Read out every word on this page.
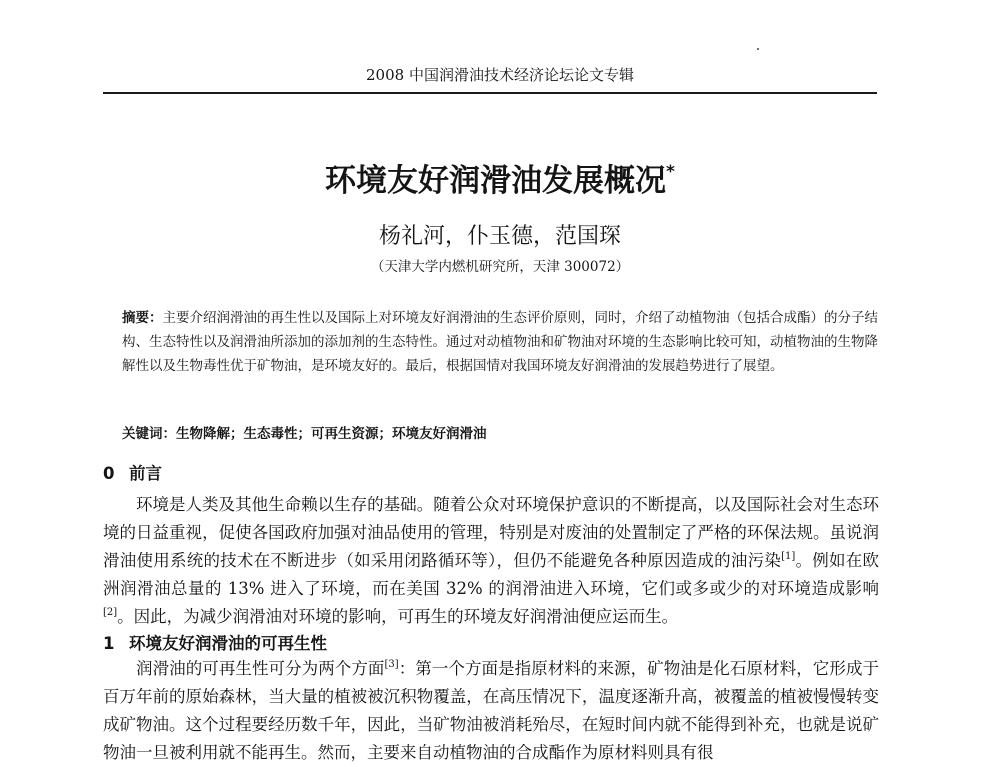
2008 中国润滑油技术经济论坛论文专辑
环境友好润滑油发展概况*
杨礼河，仆玉德，范国琛
（天津大学内燃机研究所，天津 300072）

摘要：主要介绍润滑油的再生性以及国际上对环境友好润滑油的生态评价原则，同时，介绍了动植物油（包括合成酯）的分子结构、生态特性以及润滑油所添加的添加剂的生态特性。通过对动植物油和矿物油对环境的生态影响比较可知，动植物油的生物降解性以及生物毒性优于矿物油，是环境友好的。最后，根据国情对我国环境友好润滑油的发展趋势进行了展望。

关键词：生物降解；生态毒性；可再生资源；环境友好润滑油
0 前言

环境是人类及其他生命赖以生存的基础。随着公众对环境保护意识的不断提高，以及国际社会对生态环境的日益重视，促使各国政府加强对油品使用的管理，特别是对废油的处置制定了严格的环保法规。虽说润滑油使用系统的技术在不断进步（如采用闭路循环等），但仍不能避免各种原因造成的油污染[1]。例如在欧洲润滑油总量的 13% 进入了环境，而在美国 32% 的润滑油进入环境，它们或多或少的对环境造成影响[2]。因此，为减少润滑油对环境的影响，可再生的环境友好润滑油便应运而生。

1 环境友好润滑油的可再生性

润滑油的可再生性可分为两个方面[3]：第一个方面是指原材料的来源，矿物油是化石原材料，它形成于百万年前的原始森林，当大量的植被被沉积物覆盖，在高压情况下，温度逐渐升高，被覆盖的植被慢慢转变成矿物油。这个过程要经历数千年，因此，当矿物油被消耗殆尽，在短时间内就不能得到补充，也就是说矿物油一旦被利用就不能再生。然而，主要来自动植物油的合成酯作为原材料则具有很
